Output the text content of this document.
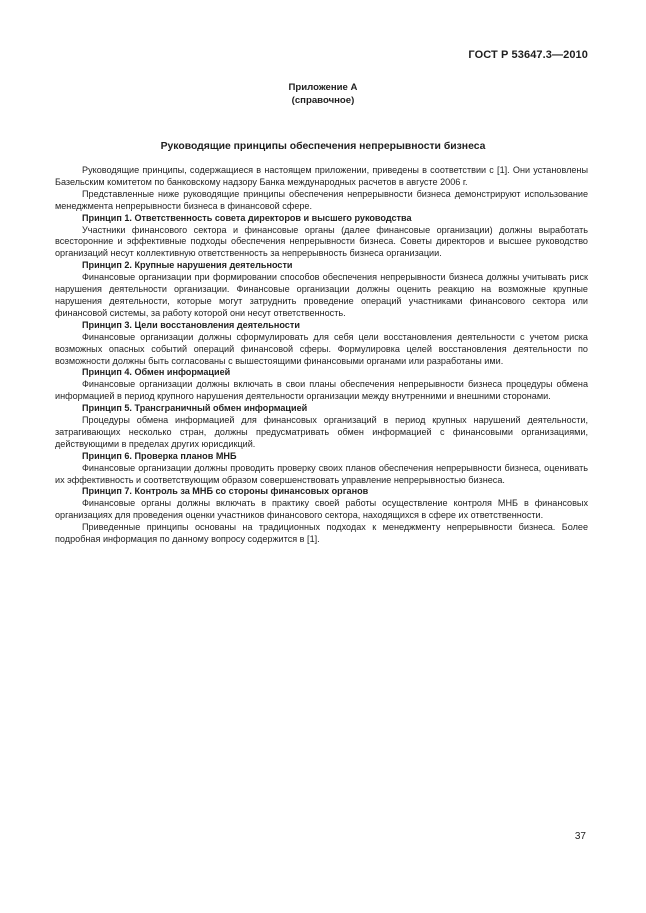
ГОСТ Р 53647.3—2010
Приложение А
(справочное)
Руководящие принципы обеспечения непрерывности бизнеса

Руководящие принципы, содержащиеся в настоящем приложении, приведены в соответствии с [1]. Они установлены Базельским комитетом по банковскому надзору Банка международных расчетов в августе 2006 г.

Представленные ниже руководящие принципы обеспечения непрерывности бизнеса демонстрируют использование менеджмента непрерывности бизнеса в финансовой сфере.

Принцип 1. Ответственность совета директоров и высшего руководства

Участники финансового сектора и финансовые органы (далее финансовые организации) должны выработать всесторонние и эффективные подходы обеспечения непрерывности бизнеса. Советы директоров и высшее руководство организаций несут коллективную ответственность за непрерывность бизнеса организации.

Принцип 2. Крупные нарушения деятельности

Финансовые организации при формировании способов обеспечения непрерывности бизнеса должны учитывать риск нарушения деятельности организации. Финансовые организации должны оценить реакцию на возможные крупные нарушения деятельности, которые могут затруднить проведение операций участниками финансового сектора или финансовой системы, за работу которой они несут ответственность.

Принцип 3. Цели восстановления деятельности

Финансовые организации должны сформулировать для себя цели восстановления деятельности с учетом риска возможных опасных событий операций финансовой сферы. Формулировка целей восстановления деятельности по возможности должны быть согласованы с вышестоящими финансовыми органами или разработаны ими.

Принцип 4. Обмен информацией

Финансовые организации должны включать в свои планы обеспечения непрерывности бизнеса процедуры обмена информацией в период крупного нарушения деятельности организации между внутренними и внешними сторонами.

Принцип 5. Трансграничный обмен информацией

Процедуры обмена информацией для финансовых организаций в период крупных нарушений деятельности, затрагивающих несколько стран, должны предусматривать обмен информацией с финансовыми организациями, действующими в пределах других юрисдикций.

Принцип 6. Проверка планов МНБ

Финансовые организации должны проводить проверку своих планов обеспечения непрерывности бизнеса, оценивать их эффективность и соответствующим образом совершенствовать управление непрерывностью бизнеса.

Принцип 7. Контроль за МНБ со стороны финансовых органов

Финансовые органы должны включать в практику своей работы осуществление контроля МНБ в финансовых организациях для проведения оценки участников финансового сектора, находящихся в сфере их ответственности.

Приведенные принципы основаны на традиционных подходах к менеджменту непрерывности бизнеса. Более подробная информация по данному вопросу содержится в [1].

37
